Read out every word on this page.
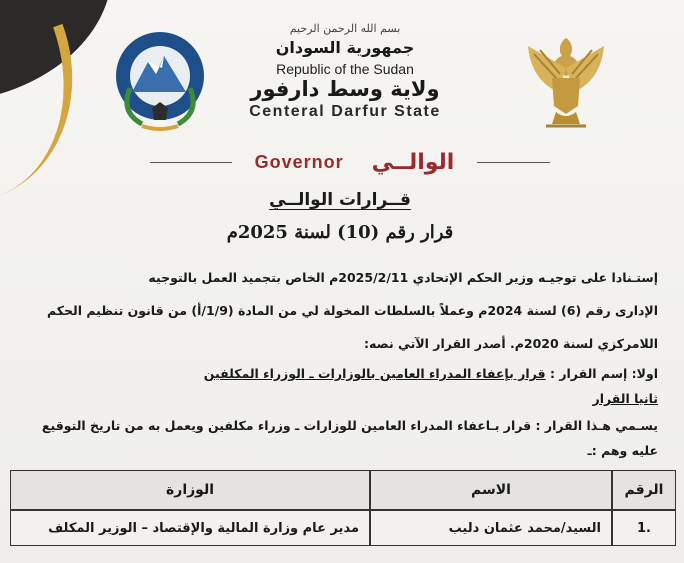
بسم الله الرحمن الرحيم
جمهورية السودان
Republic of the Sudan
ولاية وسط دارفور
Centeral Darfur State
Governor الوالــي
قــرارات الوالــي
قرار رقم (10) لسنة 2025م
إستـنادا على توجيـه وزير الحكم الإتحادي 2025/2/11م الخاص بتجميد العمل بالتوجيه
الإدارى رقم (6) لسنة 2024م وعملاً بالسلطات المخولة لي من المادة (1/9/أ) من قانون تنظيم الحكم
اللامركزي لسنة 2020م. أصدر القرار الآتي نصه:
اولا: إسم القرار : قرار بإعفاء المدراء العامين بالوزارات ـ الوزراء المكلفين
ثانيا القرار
يسـمي هـذا القرار : قرار بـاعفاء المدراء العامين للوزارات ـ وزراء مكلفين ويعمل به من تاريخ التوقيع
عليه وهم :ـ
الرقم
الاسم
الوزارة
.1
السيد/محمد عثمان دليب
مدير عام وزارة المالية والإقتصاد – الوزير المكلف
